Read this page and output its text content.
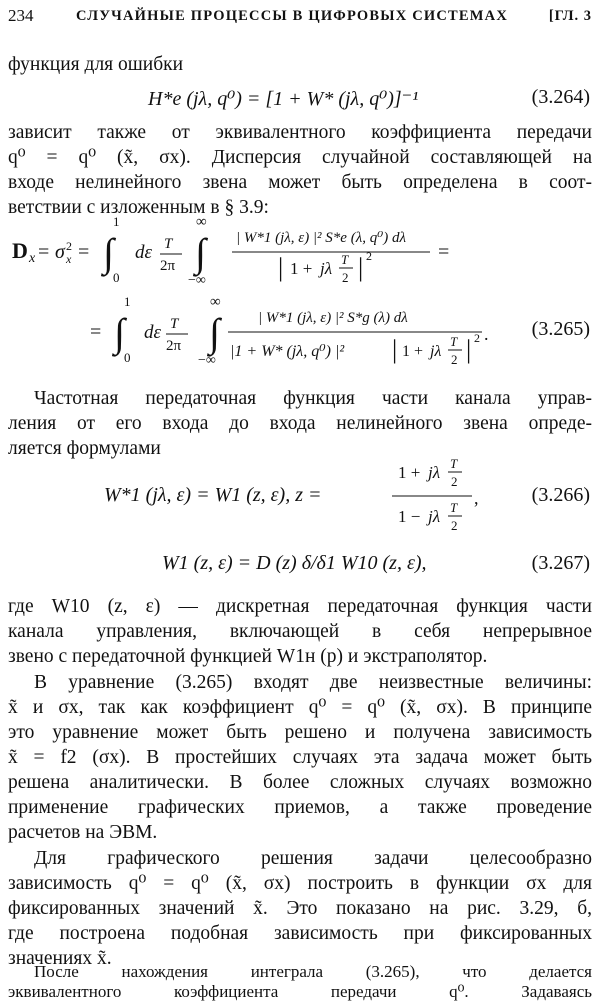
234	СЛУЧАЙНЫЕ ПРОЦЕССЫ В ЦИФРОВЫХ СИСТЕМАХ	[ГЛ. 3
функция для ошибки
H*e (jλ, q⁰) = [1 + W* (jλ, q⁰)]⁻¹	(3.264)
зависит также от эквивалентного коэффициента передачи
q⁰ = q⁰ (x̃, σx). Дисперсия случайной составляющей на
входе нелинейного звена может быть определена в соот-
ветствии с изложенным в § 3.9:
D x = σ 2
x =
1
∫
0
dε T
2π
∞
∫
−∞
| W*1 (jλ, ε) |² S*e (λ, q⁰) dλ
| 1 + jλ T
2 | 2	=
=
1
∫
0
dε T
2π
∞
∫
−∞
| W*1 (jλ, ε) |² S*g (λ) dλ
|1 + W* (jλ, q⁰) |² | 1 + jλ
T
2 | 2 . (3.265)
Частотная передаточная функция части канала управ-
ления от его входа до входа нелинейного звена опреде-
ляется формулами
W*1 (jλ, ε) = W1 (z, ε), z =
1 + jλ T
2
1 − jλ T
2
,	(3.266)
W1 (z, ε) = D (z) δ/δ1 W10 (z, ε),	(3.267)
где W10 (z, ε) — дискретная передаточная функция части
канала управления, включающей в себя непрерывное
звено с передаточной функцией W1н (p) и экстраполятор.
В уравнение (3.265) входят две неизвестные величины:
x̃ и σx, так как коэффициент q⁰ = q⁰ (x̃, σx). В принципе
это уравнение может быть решено и получена зависимость
x̃ = f2 (σx). В простейших случаях эта задача может быть
решена аналитически. В более сложных случаях возможно
применение графических приемов, а также проведение
расчетов на ЭВМ.
Для графического решения задачи целесообразно
зависимость q⁰ = q⁰ (x̃, σx) построить в функции σx для
фиксированных значений x̃. Это показано на рис. 3.29, б,
где построена подобная зависимость при фиксированных
значениях x̃.
После нахождения интеграла (3.265), что делается
эквивалентного коэффициента передачи q⁰. Задаваясь
